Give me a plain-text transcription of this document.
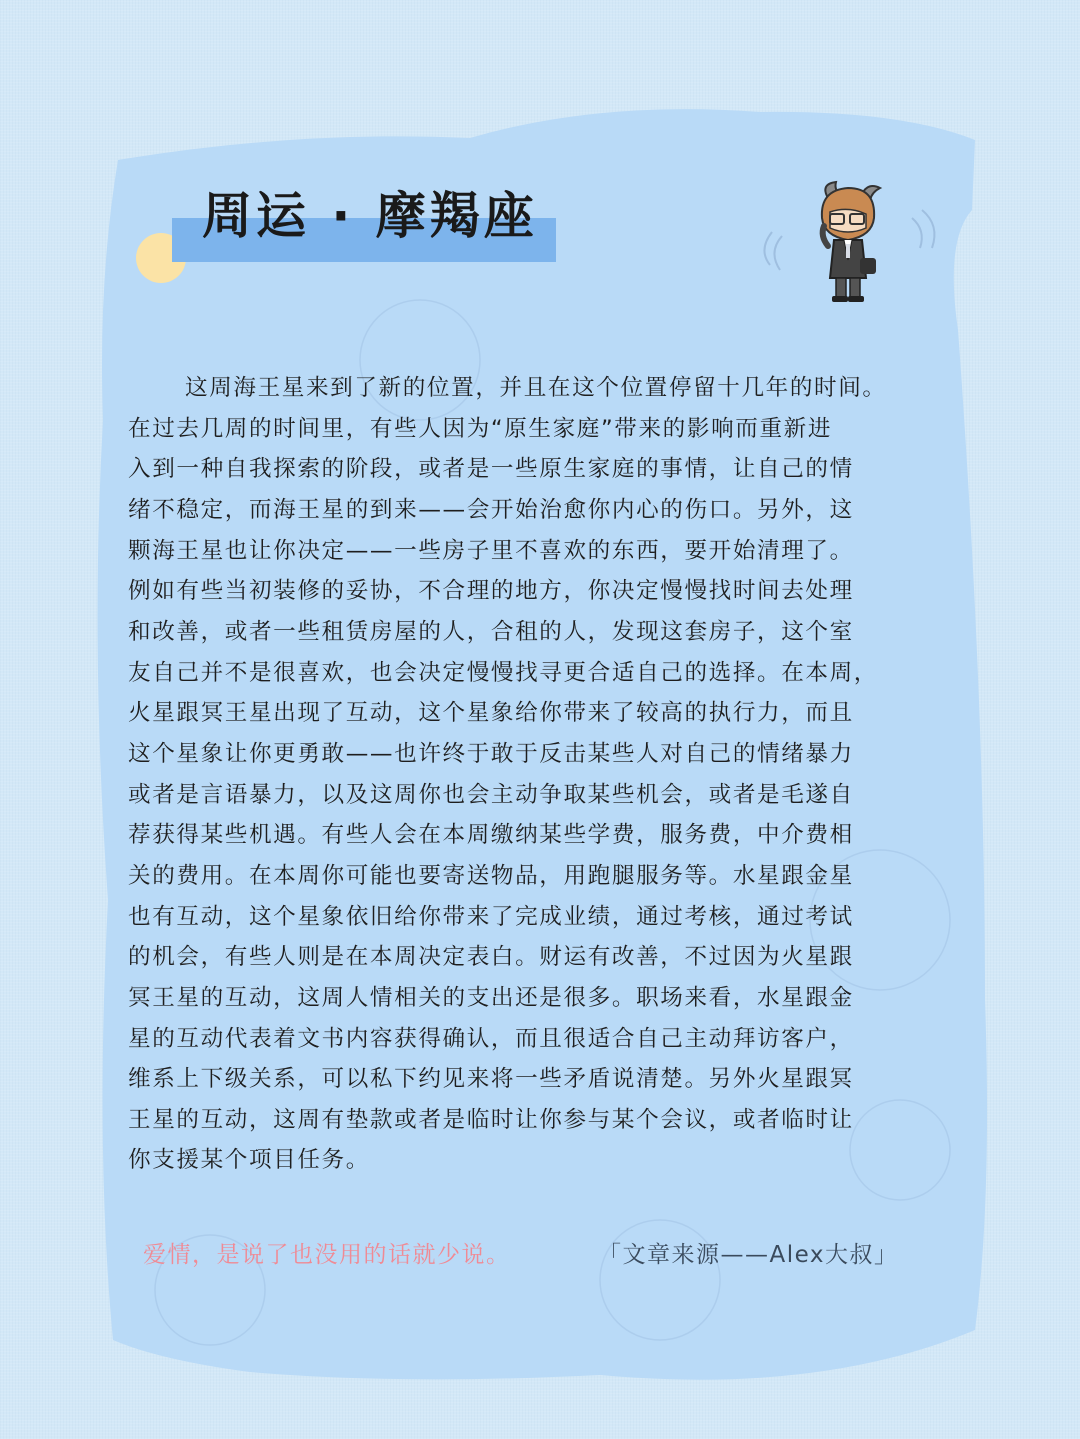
周运 · 摩羯座

这周海王星来到了新的位置，并且在这个位置停留十几年的时间。

在过去几周的时间里，有些人因为“原生家庭”带来的影响而重新进

入到一种自我探索的阶段，或者是一些原生家庭的事情，让自己的情

绪不稳定，而海王星的到来——会开始治愈你内心的伤口。另外，这

颗海王星也让你决定——一些房子里不喜欢的东西，要开始清理了。

例如有些当初装修的妥协，不合理的地方，你决定慢慢找时间去处理

和改善，或者一些租赁房屋的人，合租的人，发现这套房子，这个室

友自己并不是很喜欢，也会决定慢慢找寻更合适自己的选择。在本周，

火星跟冥王星出现了互动，这个星象给你带来了较高的执行力，而且

这个星象让你更勇敢——也许终于敢于反击某些人对自己的情绪暴力

或者是言语暴力，以及这周你也会主动争取某些机会，或者是毛遂自

荐获得某些机遇。有些人会在本周缴纳某些学费，服务费，中介费相

关的费用。在本周你可能也要寄送物品，用跑腿服务等。水星跟金星

也有互动，这个星象依旧给你带来了完成业绩，通过考核，通过考试

的机会，有些人则是在本周决定表白。财运有改善，不过因为火星跟

冥王星的互动，这周人情相关的支出还是很多。职场来看，水星跟金

星的互动代表着文书内容获得确认，而且很适合自己主动拜访客户，

维系上下级关系，可以私下约见来将一些矛盾说清楚。另外火星跟冥

王星的互动，这周有垫款或者是临时让你参与某个会议，或者临时让

你支援某个项目任务。

爱情，是说了也没用的话就少说。	「文章来源——Alex大叔」
